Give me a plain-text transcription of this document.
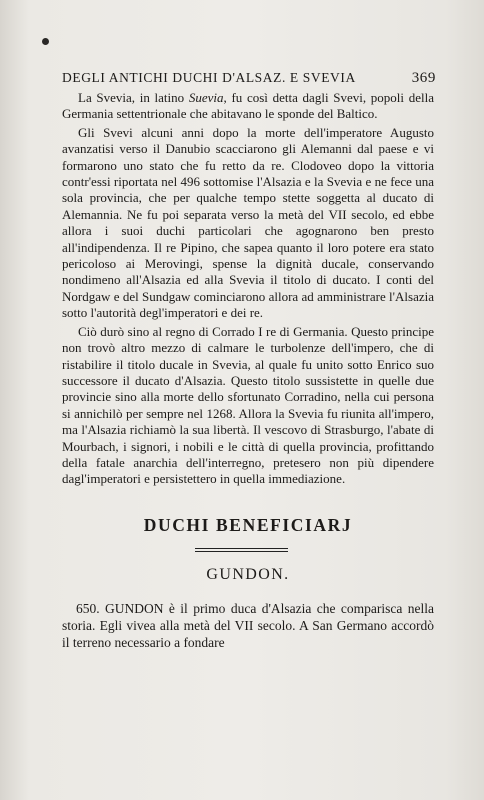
DEGLI ANTICHI DUCHI D'ALSAZ. E SVEVIA	369

La Svevia, in latino Suevia, fu così detta dagli Svevi, popoli della Germania settentrionale che abitavano le sponde del Baltico.

Gli Svevi alcuni anni dopo la morte dell'imperatore Augusto avanzatisi verso il Danubio scacciarono gli Alemanni dal paese e vi formarono uno stato che fu retto da re. Clodoveo dopo la vittoria contr'essi riportata nel 496 sottomise l'Alsazia e la Svevia e ne fece una sola provincia, che per qualche tempo stette soggetta al ducato di Alemannia. Ne fu poi separata verso la metà del VII secolo, ed ebbe allora i suoi duchi particolari che agognarono ben presto all'indipendenza. Il re Pipino, che sapea quanto il loro potere era stato pericoloso ai Merovingi, spense la dignità ducale, conservando nondimeno all'Alsazia ed alla Svevia il titolo di ducato. I conti del Nordgaw e del Sundgaw cominciarono allora ad amministrare l'Alsazia sotto l'autorità degl'imperatori e dei re.

Ciò durò sino al regno di Corrado I re di Germania. Questo principe non trovò altro mezzo di calmare le turbolenze dell'impero, che di ristabilire il titolo ducale in Svevia, al quale fu unito sotto Enrico suo successore il ducato d'Alsazia. Questo titolo sussistette in quelle due provincie sino alla morte dello sfortunato Corradino, nella cui persona si annichilò per sempre nel 1268. Allora la Svevia fu riunita all'impero, ma l'Alsazia richiamò la sua libertà. Il vescovo di Strasburgo, l'abate di Mourbach, i signori, i nobili e le città di quella provincia, profittando della fatale anarchia dell'interregno, pretesero non più dipendere dagl'imperatori e persistettero in quella immediazione.

DUCHI BENEFICIARJ
GUNDON.

650. GUNDON è il primo duca d'Alsazia che comparisca nella storia. Egli vivea alla metà del VII secolo. A San Germano accordò il terreno necessario a fondare
